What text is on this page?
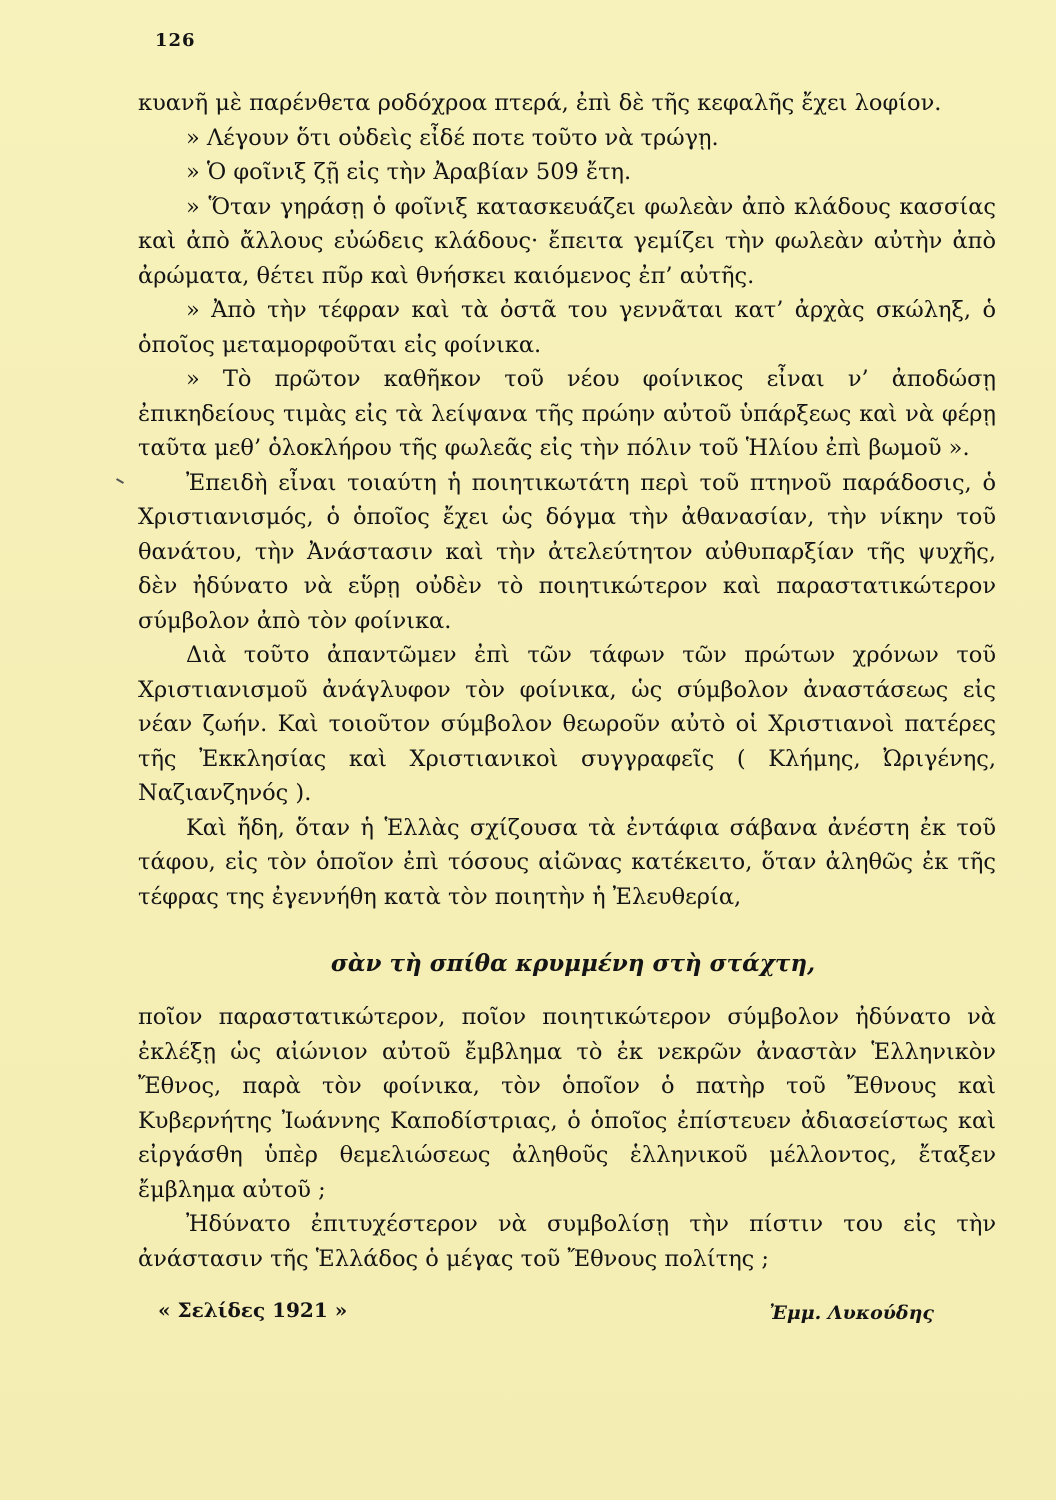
126

κυανῆ μὲ παρένθετα ροδόχροα πτερά, ἐπὶ δὲ τῆς κεφαλῆς ἔχει λοφίον.

» Λέγουν ὅτι οὐδεὶς εἶδέ ποτε τοῦτο νὰ τρώγῃ.

» Ὁ φοῖνιξ ζῇ εἰς τὴν Ἀραβίαν 509 ἔτη.

» Ὅταν γηράσῃ ὁ φοῖνιξ κατασκευάζει φωλεὰν ἀπὸ κλάδους κασσίας καὶ ἀπὸ ἄλλους εὐώδεις κλάδους· ἔπειτα γεμίζει τὴν φωλεὰν αὐτὴν ἀπὸ ἀρώματα, θέτει πῦρ καὶ θνήσκει καιόμενος ἐπ’ αὐτῆς.

» Ἀπὸ τὴν τέφραν καὶ τὰ ὀστᾶ του γεννᾶται κατ’ ἀρχὰς σκώληξ, ὁ ὁποῖος μεταμορφοῦται εἰς φοίνικα.

» Τὸ πρῶτον καθῆκον τοῦ νέου φοίνικος εἶναι ν’ ἀποδώσῃ ἐπικηδείους τιμὰς εἰς τὰ λείψανα τῆς πρώην αὐτοῦ ὑπάρξεως καὶ νὰ φέρῃ ταῦτα μεθ’ ὁλοκλήρου τῆς φωλεᾶς εἰς τὴν πόλιν τοῦ Ἡλίου ἐπὶ βωμοῦ ».

Ἐπειδὴ εἶναι τοιαύτη ἡ ποιητικωτάτη περὶ τοῦ πτηνοῦ παράδοσις, ὁ Χριστιανισμός, ὁ ὁποῖος ἔχει ὡς δόγμα τὴν ἀθανασίαν, τὴν νίκην τοῦ θανάτου, τὴν Ἀνάστασιν καὶ τὴν ἀτελεύτητον αὐθυπαρξίαν τῆς ψυχῆς, δὲν ἠδύνατο νὰ εὕρῃ οὐδὲν τὸ ποιητικώτερον καὶ παραστατικώτερον σύμβολον ἀπὸ τὸν φοίνικα.

Διὰ τοῦτο ἀπαντῶμεν ἐπὶ τῶν τάφων τῶν πρώτων χρόνων τοῦ Χριστιανισμοῦ ἀνάγλυφον τὸν φοίνικα, ὡς σύμβολον ἀναστάσεως εἰς νέαν ζωήν. Καὶ τοιοῦτον σύμβολον θεωροῦν αὐτὸ οἱ Χριστιανοὶ πατέρες τῆς Ἐκκλησίας καὶ Χριστιανικοὶ συγγραφεῖς ( Κλήμης, Ὠριγένης, Ναζιανζηνός ).

Καὶ ἤδη, ὅταν ἡ Ἑλλὰς σχίζουσα τὰ ἐντάφια σάβανα ἀνέστη ἐκ τοῦ τάφου, εἰς τὸν ὁποῖον ἐπὶ τόσους αἰῶνας κατέκειτο, ὅταν ἀληθῶς ἐκ τῆς τέφρας της ἐγεννήθη κατὰ τὸν ποιητὴν ἡ Ἐλευθερία,

σὰν τὴ σπίθα κρυμμένη στὴ στάχτη,

ποῖον παραστατικώτερον, ποῖον ποιητικώτερον σύμβολον ἠδύνατο νὰ ἐκλέξῃ ὡς αἰώνιον αὐτοῦ ἔμβλημα τὸ ἐκ νεκρῶν ἀναστὰν Ἑλληνικὸν Ἔθνος, παρὰ τὸν φοίνικα, τὸν ὁποῖον ὁ πατὴρ τοῦ Ἔθνους καὶ Κυβερνήτης Ἰωάννης Καποδίστριας, ὁ ὁποῖος ἐπίστευεν ἀδιασείστως καὶ εἰργάσθη ὑπὲρ θεμελιώσεως ἀληθοῦς ἑλληνικοῦ μέλλοντος, ἔταξεν ἔμβλημα αὐτοῦ ;

Ἠδύνατο ἐπιτυχέστερον νὰ συμβολίσῃ τὴν πίστιν του εἰς τὴν ἀνάστασιν τῆς Ἑλλάδος ὁ μέγας τοῦ Ἔθνους πολίτης ;

« Σελίδες 1921 »	Ἐμμ. Λυκούδης
